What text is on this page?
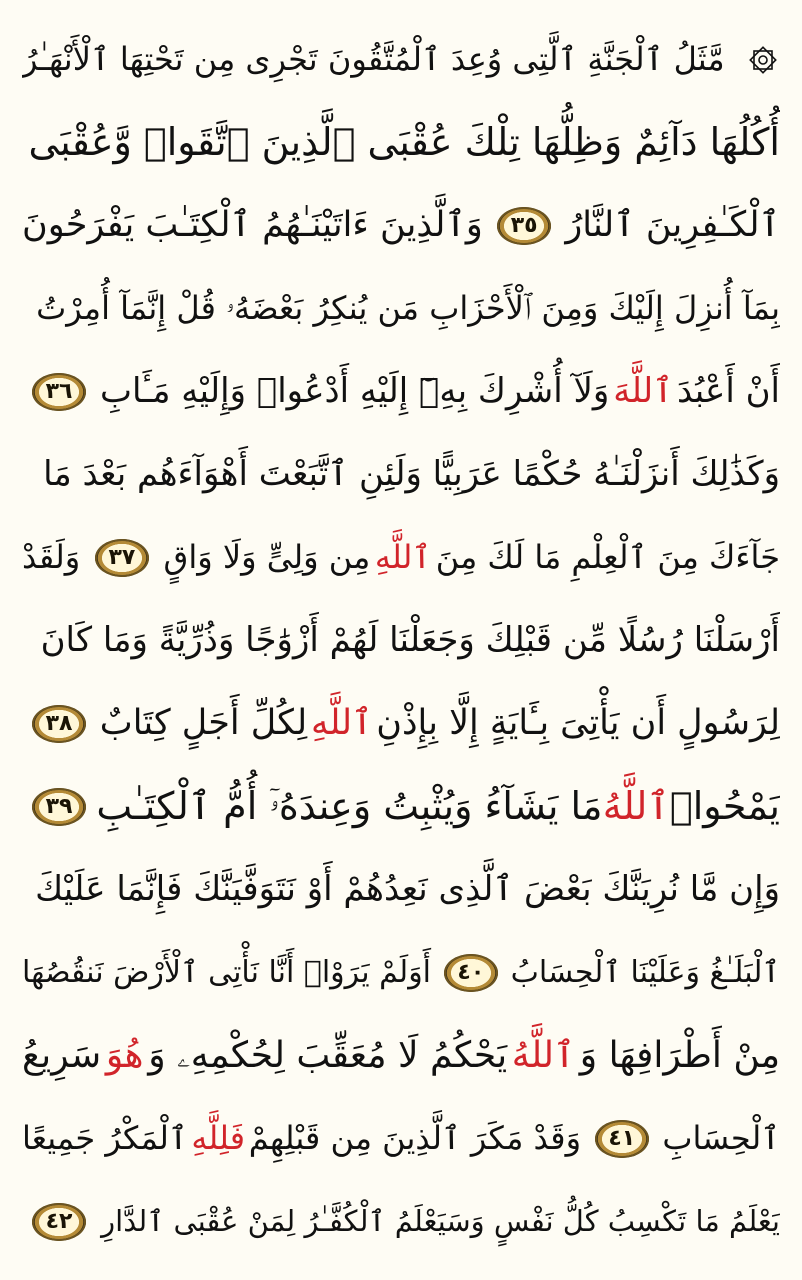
مَّثَلُ ٱلْجَنَّةِ ٱلَّتِى وُعِدَ ٱلْمُتَّقُونَ تَجْرِى مِن تَحْتِهَا ٱلْأَنْهَـٰرُ
أُكُلُهَا دَآئِمٌ وَظِلُّهَا تِلْكَ عُقْبَى ٱلَّذِينَ ٱتَّقَوا۟ وَّعُقْبَى
ٱلْكَـٰفِرِينَ ٱلنَّارُ
٣٥
وَٱلَّذِينَ ءَاتَيْنَـٰهُمُ ٱلْكِتَـٰبَ يَفْرَحُونَ
بِمَآ أُنزِلَ إِلَيْكَ وَمِنَ ٱلْأَحْزَابِ مَن يُنكِرُ بَعْضَهُۥ قُلْ إِنَّمَآ أُمِرْتُ
أَنْ أَعْبُدَ
ٱللَّهَ
وَلَآ أُشْرِكَ بِهِۦٓ إِلَيْهِ أَدْعُوا۟ وَإِلَيْهِ مَـَٔابِ
٣٦
وَكَذَٰلِكَ أَنزَلْنَـٰهُ حُكْمًا عَرَبِيًّا وَلَئِنِ ٱتَّبَعْتَ أَهْوَآءَهُم بَعْدَ مَا
جَآءَكَ مِنَ ٱلْعِلْمِ مَا لَكَ مِنَ
ٱللَّهِ
مِن وَلِىٍّ وَلَا وَاقٍ
٣٧
وَلَقَدْ
أَرْسَلْنَا رُسُلًا مِّن قَبْلِكَ وَجَعَلْنَا لَهُمْ أَزْوَٰجًا وَذُرِّيَّةً وَمَا كَانَ
لِرَسُولٍ أَن يَأْتِىَ بِـَٔايَةٍ إِلَّا بِإِذْنِ
ٱللَّهِ
لِكُلِّ أَجَلٍ كِتَابٌ
٣٨
يَمْحُوا۟
ٱللَّهُ
مَا يَشَآءُ وَيُثْبِتُ وَعِندَهُۥٓ أُمُّ ٱلْكِتَـٰبِ
٣٩
وَإِن مَّا نُرِيَنَّكَ بَعْضَ ٱلَّذِى نَعِدُهُمْ أَوْ نَتَوَفَّيَنَّكَ فَإِنَّمَا عَلَيْكَ
ٱلْبَلَـٰغُ وَعَلَيْنَا ٱلْحِسَابُ
٤٠
أَوَلَمْ يَرَوْا۟ أَنَّا نَأْتِى ٱلْأَرْضَ نَنقُصُهَا
مِنْ أَطْرَافِهَا وَ
ٱللَّهُ
يَحْكُمُ لَا مُعَقِّبَ لِحُكْمِهِۦ وَ
هُوَ
سَرِيعُ
ٱلْحِسَابِ
٤١
وَقَدْ مَكَرَ ٱلَّذِينَ مِن قَبْلِهِمْ
فَلِلَّهِ
ٱلْمَكْرُ جَمِيعًا
يَعْلَمُ مَا تَكْسِبُ كُلُّ نَفْسٍ وَسَيَعْلَمُ ٱلْكُفَّـٰرُ لِمَنْ عُقْبَى ٱلدَّارِ
٤٢
